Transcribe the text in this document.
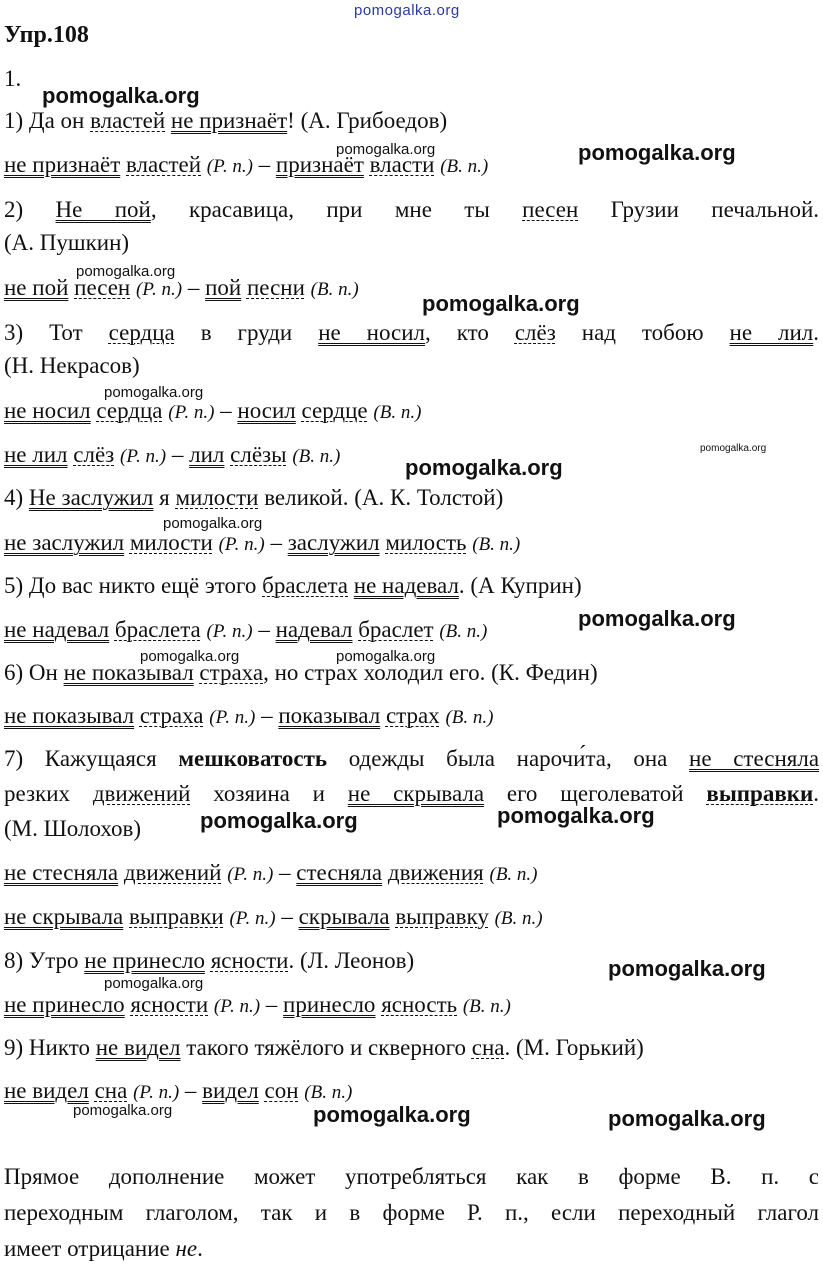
pomogalka.org
pomogalka.org
pomogalka.org	pomogalka.org
pomogalka.org
pomogalka.org
pomogalka.org
pomogalka.org
pomogalka.org
pomogalka.org
pomogalka.org
pomogalka.org	pomogalka.org
pomogalka.org	pomogalka.org
pomogalka.org
pomogalka.org
pomogalka.org	pomogalka.org	pomogalka.org
Упр.108
1.
1) Да он властей не признаёт! (А. Грибоедов)
не признаёт властей (Р. п.) – признаёт власти (В. п.)
2) Не пой, красавица, при мне ты песен Грузии печальной.
(А. Пушкин)
не пой песен (Р. п.) – пой песни (В. п.)
3) Тот сердца в груди не носил, кто слёз над тобою не лил.
(Н. Некрасов)
не носил сердца (Р. п.) – носил сердце (В. п.)
не лил слёз (Р. п.) – лил слёзы (В. п.)
4) Не заслужил я милости великой. (А. К. Толстой)
не заслужил милости (Р. п.) – заслужил милость (В. п.)
5) До вас никто ещё этого браслета не надевал. (А Куприн)
не надевал браслета (Р. п.) – надевал браслет (В. п.)
6) Он не показывал страха, но страх холодил его. (К. Федин)
не показывал страха (Р. п.) – показывал страх (В. п.)
7) Кажущаяся мешковатость одежды была нарочи́та, она не стесняла
резких движений хозяина и не скрывала его щеголеватой выправки.
(М. Шолохов)
не стесняла движений (Р. п.) – стесняла движения (В. п.)
не скрывала выправки (Р. п.) – скрывала выправку (В. п.)
8) Утро не принесло ясности. (Л. Леонов)
не принесло ясности (Р. п.) – принесло ясность (В. п.)
9) Никто не видел такого тяжёлого и скверного сна. (М. Горький)
не видел сна (Р. п.) – видел сон (В. п.)
Прямое дополнение может употребляться как в форме В. п. с
переходным глаголом, так и в форме Р. п., если переходный глагол
имеет отрицание не.
